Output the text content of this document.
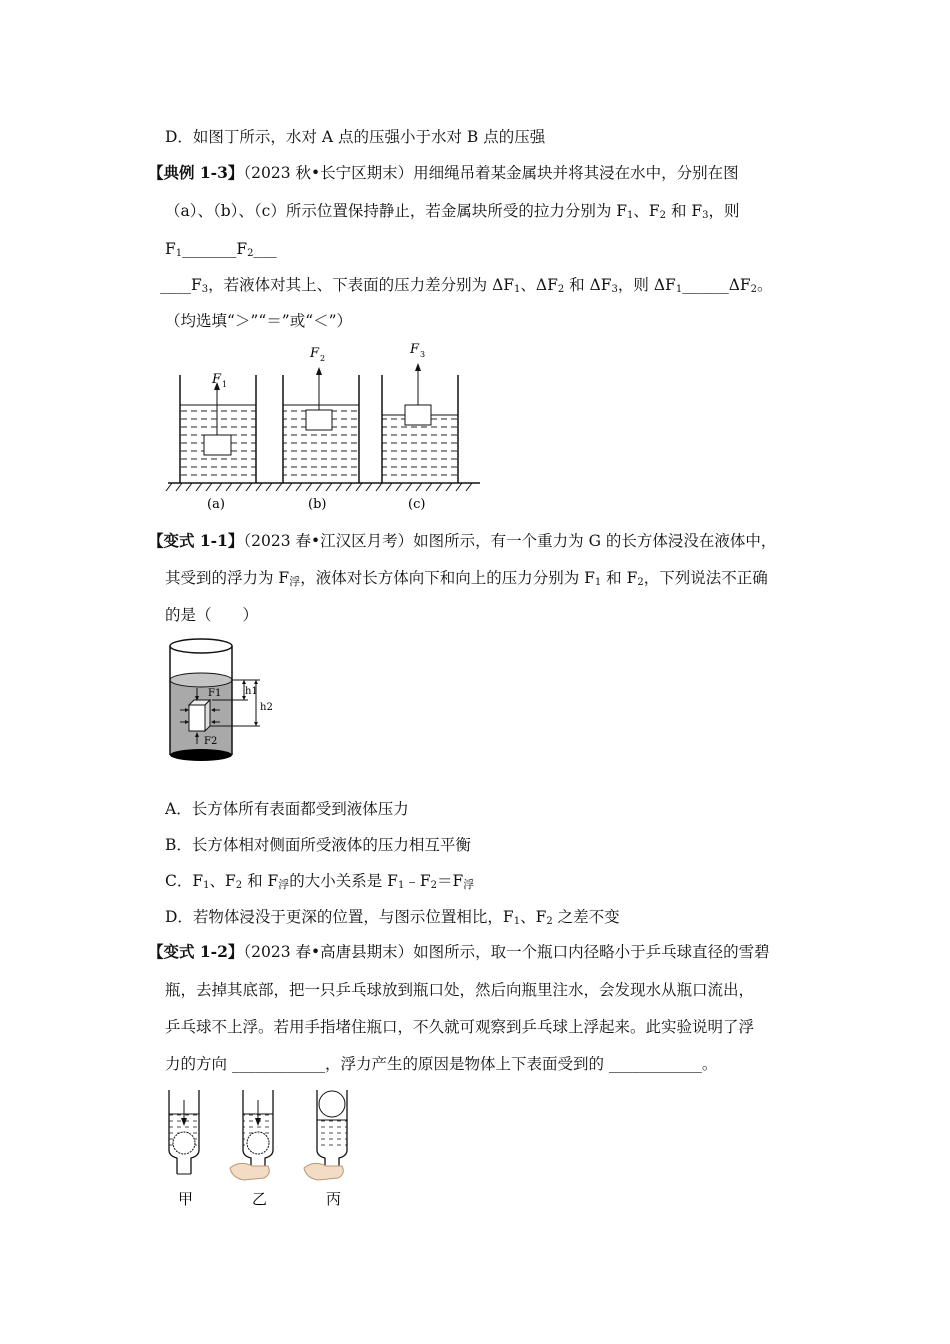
D．如图丁所示，水对 A 点的压强小于水对 B 点的压强
【典例 1-3】（2023 秋•长宁区期末）用细绳吊着某金属块并将其浸在水中，分别在图
（a）、（b）、（c）所示位置保持静止，若金属块所受的拉力分别为 $F_1$、$F_2$ 和 $F_3$，则
$F_1\_\_\_\_\_\_\_F_2\_\_\_$
$\_\_\_\_F_3$，若液体对其上、下表面的压力差分别为 $\Delta F_1$、$\Delta F_2$ 和 $\Delta F_3$，则 $\Delta F_1\_\_\_\_\_\_\Delta F_2$。
（均选填“＞”“＝”或“＜”）
F 1
(a)
F 2
(b)
F 3
(c)
【变式 1-1】（2023 春•江汉区月考）如图所示，有一个重力为 G 的长方体浸没在液体中，
其受到的浮力为 $F_浮$，液体对长方体向下和向上的压力分别为 $F_1$ 和 $F_2$，下列说法不正确
的是（　　）
F1
F2
h1
h2
A．长方体所有表面都受到液体压力
B．长方体相对侧面所受液体的压力相互平衡
C．$F_1$、$F_2$ 和 $F_浮$的大小关系是 $F_1﹣F_2=F_浮$
D．若物体浸没于更深的位置，与图示位置相比，$F_1$、$F_2$ 之差不变
【变式 1-2】（2023 春•高唐县期末）如图所示，取一个瓶口内径略小于乒乓球直径的雪碧
瓶，去掉其底部，把一只乒乓球放到瓶口处，然后向瓶里注水，会发现水从瓶口流出，
乒乓球不上浮。若用手指堵住瓶口，不久就可观察到乒乓球上浮起来。此实验说明了浮
力的方向 ____________，浮力产生的原因是物体上下表面受到的 ____________。
甲	乙	丙
